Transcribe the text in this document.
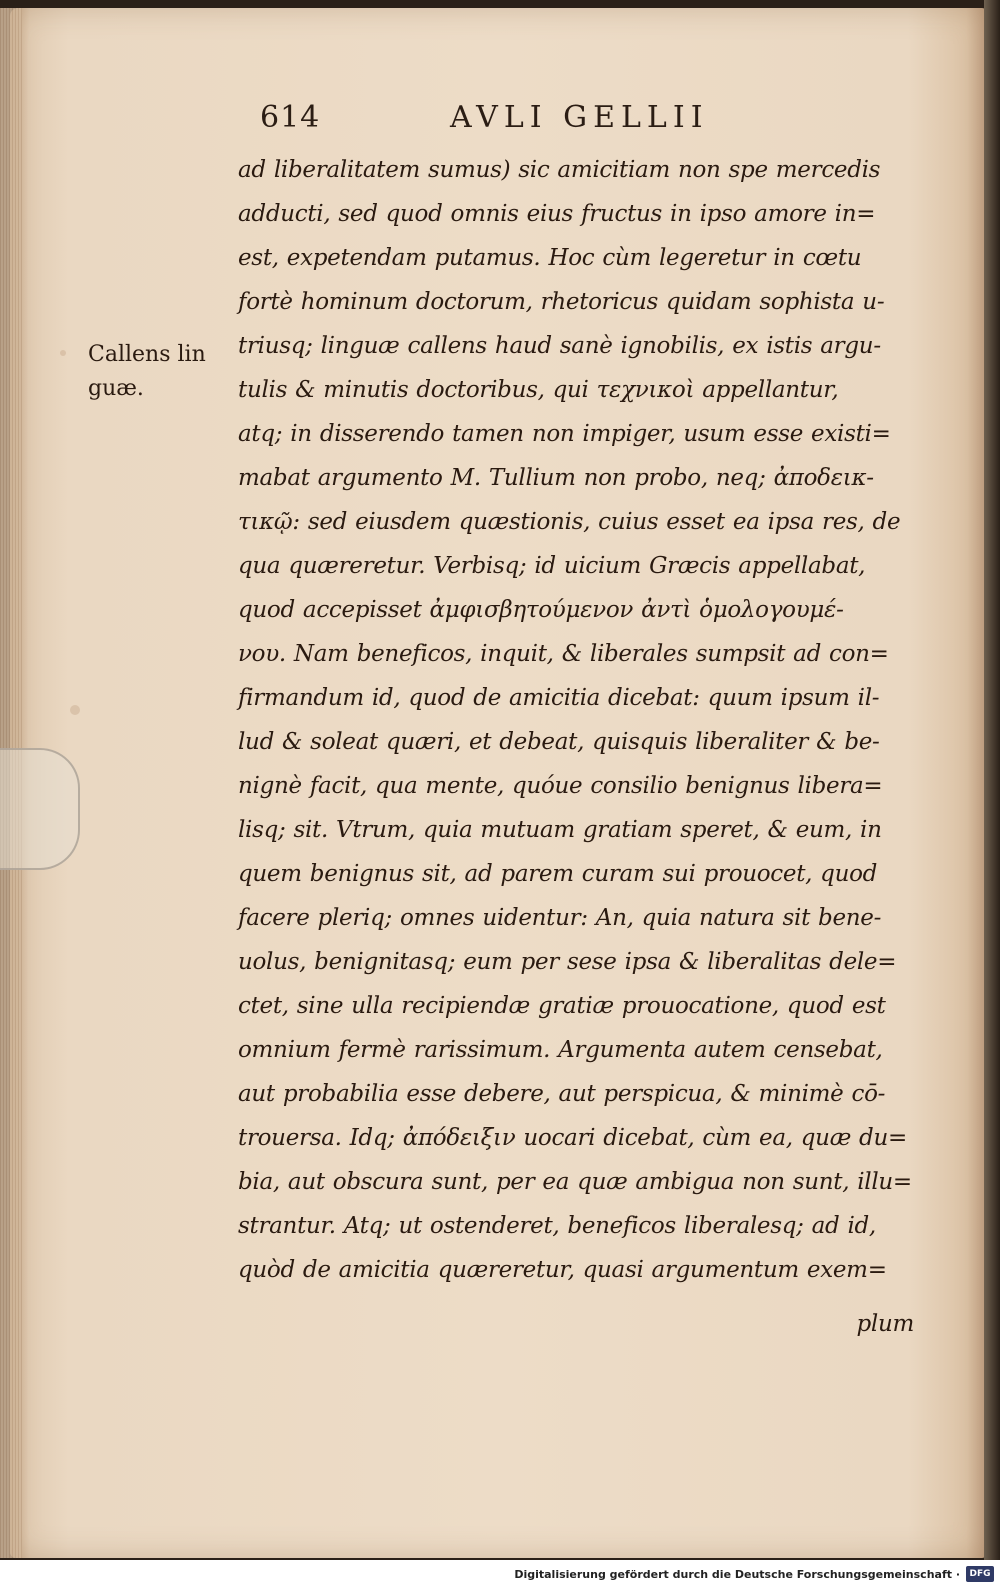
614	AVLI GELLII
Callens lin
guæ.
ad liberalitatem sumus) sic amicitiam non spe mercedis
adducti, sed quod omnis eius fructus in ipso amore in=
est, expetendam putamus. Hoc cùm legeretur in cœtu
fortè hominum doctorum, rhetoricus quidam sophista u-
triusq; linguæ callens haud sanè ignobilis, ex istis argu-
tulis & minutis doctoribus, qui τεχνικοὶ appellantur,
atq; in disserendo tamen non impiger, usum esse existi=
mabat argumento M. Tullium non probo, neq; ἀποδεικ-
τικῷ: sed eiusdem quæstionis, cuius esset ea ipsa res, de
qua quæreretur. Verbisq; id uicium Græcis appellabat,
quod accepisset ἀμφισβητούμενον ἀντὶ ὁμολογουμέ-
νου. Nam beneficos, inquit, & liberales sumpsit ad con=
firmandum id, quod de amicitia dicebat: quum ipsum il-
lud & soleat quæri, et debeat, quisquis liberaliter & be-
nignè facit, qua mente, quóue consilio benignus libera=
lisq; sit. Vtrum, quia mutuam gratiam speret, & eum, in
quem benignus sit, ad parem curam sui prouocet, quod
facere pleriq; omnes uidentur: An, quia natura sit bene-
uolus, benignitasq; eum per sese ipsa & liberalitas dele=
ctet, sine ulla recipiendæ gratiæ prouocatione, quod est
omnium fermè rarissimum. Argumenta autem censebat,
aut probabilia esse debere, aut perspicua, & minimè cō-
trouersa. Idq; ἀπόδειξιν uocari dicebat, cùm ea, quæ du=
bia, aut obscura sunt, per ea quæ ambigua non sunt, illu=
strantur. Atq; ut ostenderet, beneficos liberalesq; ad id,
quòd de amicitia quæreretur, quasi argumentum exem=
plum
Digitalisierung gefördert durch die Deutsche Forschungsgemeinschaft ·	DFG
